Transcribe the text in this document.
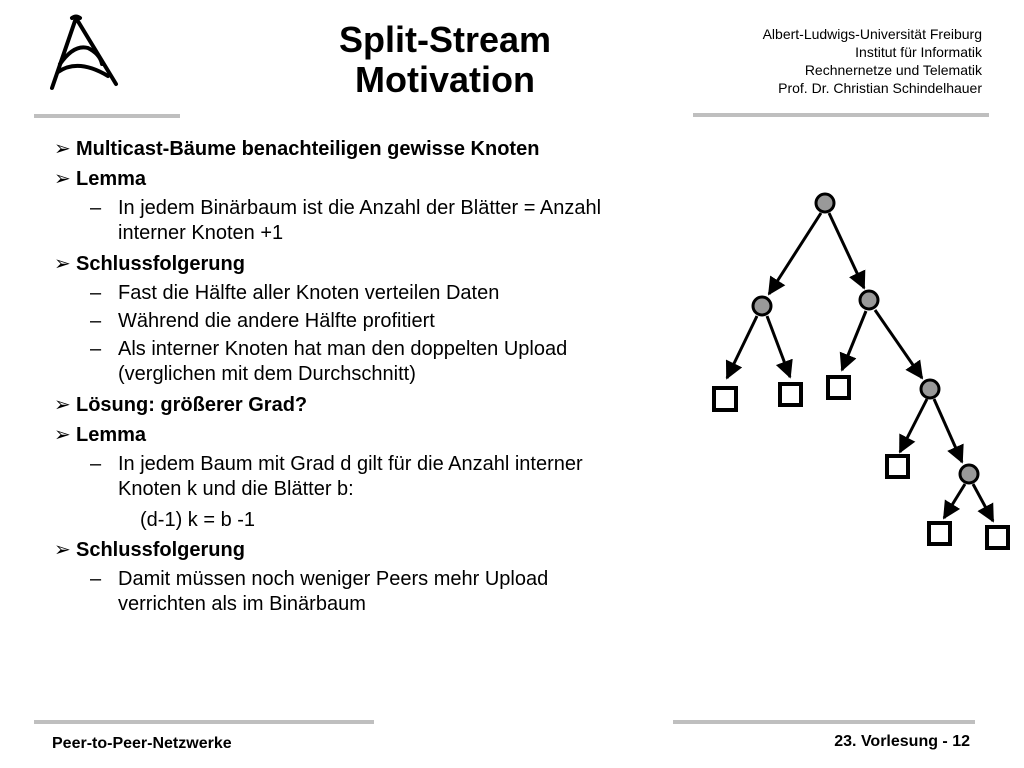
Split-Stream
Motivation
Albert-Ludwigs-Universität Freiburg
Institut für Informatik
Rechnernetze und Telematik
Prof. Dr. Christian Schindelhauer
➢ Multicast-Bäume benachteiligen gewisse Knoten
➢ Lemma
– In jedem Binärbaum ist die Anzahl der Blätter = Anzahl interner Knoten +1
➢ Schlussfolgerung
– Fast die Hälfte aller Knoten verteilen Daten
– Während die andere Hälfte profitiert
– Als interner Knoten hat man den doppelten Upload (verglichen mit dem Durchschnitt)
➢ Lösung: größerer Grad?
➢ Lemma
– In jedem Baum mit Grad d gilt für die Anzahl interner Knoten k und die Blätter b:
(d-1) k = b -1
➢ Schlussfolgerung
– Damit müssen noch weniger Peers mehr Upload verrichten als im Binärbaum
Peer-to-Peer-Netzwerke	23. Vorlesung - 12
